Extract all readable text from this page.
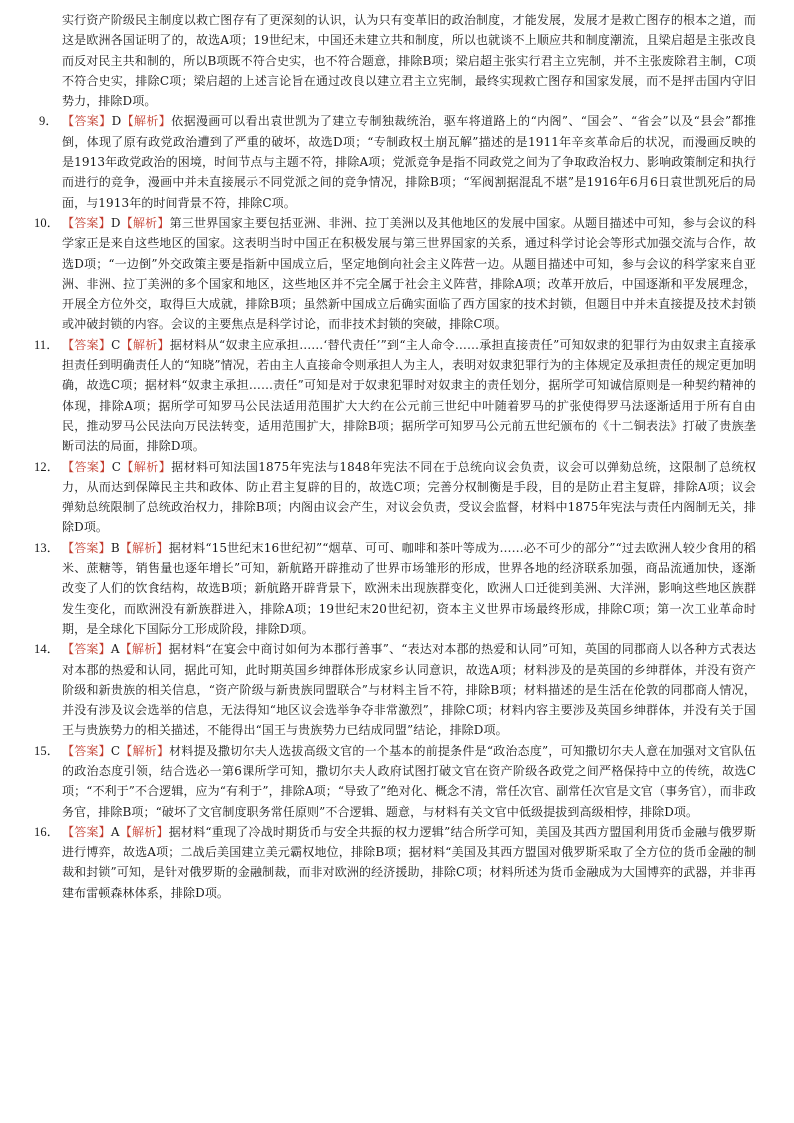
实行资产阶级民主制度以救亡图存有了更深刻的认识，认为只有变革旧的政治制度，才能发展，发展才是救亡图存的根本之道，而这是欧洲各国证明了的，故选A项；19世纪末，中国还未建立共和制度，所以也就谈不上顺应共和制度潮流，且梁启超是主张改良而反对民主共和制的，所以B项既不符合史实，也不符合题意，排除B项；梁启超主张实行君主立宪制，并不主张废除君主制，C项不符合史实，排除C项；梁启超的上述言论旨在通过改良以建立君主立宪制，最终实现救亡图存和国家发展，而不是抨击国内守旧势力，排除D项。

9． 【答案】D【解析】依据漫画可以看出袁世凯为了建立专制独裁统治，驱车将道路上的“内阁”、“国会”、“省会”以及“县会”都推倒，体现了原有政党政治遭到了严重的破坏，故选D项；“专制政权土崩瓦解”描述的是1911年辛亥革命后的状况，而漫画反映的是1913年政党政治的困境，时间节点与主题不符，排除A项；党派竞争是指不同政党之间为了争取政治权力、影响政策制定和执行而进行的竞争，漫画中并未直接展示不同党派之间的竞争情况，排除B项；“军阀割据混乱不堪”是1916年6月6日袁世凯死后的局面，与1913年的时间背景不符，排除C项。

10． 【答案】D【解析】第三世界国家主要包括亚洲、非洲、拉丁美洲以及其他地区的发展中国家。从题目描述中可知，参与会议的科学家正是来自这些地区的国家。这表明当时中国正在积极发展与第三世界国家的关系，通过科学讨论会等形式加强交流与合作，故选D项；“一边倒”外交政策主要是指新中国成立后，坚定地倒向社会主义阵营一边。从题目描述中可知，参与会议的科学家来自亚洲、非洲、拉丁美洲的多个国家和地区，这些地区并不完全属于社会主义阵营，排除A项；改革开放后，中国逐渐和平发展理念，开展全方位外交，取得巨大成就，排除B项；虽然新中国成立后确实面临了西方国家的技术封锁，但题目中并未直接提及技术封锁或冲破封锁的内容。会议的主要焦点是科学讨论，而非技术封锁的突破，排除C项。

11． 【答案】C【解析】据材料从“奴隶主应承担……‘替代责任’”到“主人命令……承担直接责任”可知奴隶的犯罪行为由奴隶主直接承担责任到明确责任人的“知晓”情况，若由主人直接命令则承担人为主人，表明对奴隶犯罪行为的主体规定及承担责任的规定更加明确，故选C项；据材料“奴隶主承担……责任”可知是对于奴隶犯罪时对奴隶主的责任划分，据所学可知诚信原则是一种契约精神的体现，排除A项；据所学可知罗马公民法适用范围扩大大约在公元前三世纪中叶随着罗马的扩张使得罗马法逐渐适用于所有自由民，推动罗马公民法向万民法转变，适用范围扩大，排除B项；据所学可知罗马公元前五世纪颁布的《十二铜表法》打破了贵族垄断司法的局面，排除D项。

12． 【答案】C【解析】据材料可知法国1875年宪法与1848年宪法不同在于总统向议会负责，议会可以弹劾总统，这限制了总统权力，从而达到保障民主共和政体、防止君主复辟的目的，故选C项；完善分权制衡是手段，目的是防止君主复辟，排除A项；议会弹劾总统限制了总统政治权力，排除B项；内阁由议会产生，对议会负责，受议会监督，材料中1875年宪法与责任内阁制无关，排除D项。

13． 【答案】B【解析】据材料“15世纪末16世纪初”“烟草、可可、咖啡和茶叶等成为……必不可少的部分”“过去欧洲人较少食用的稻米、蔗糖等，销售量也逐年增长”可知，新航路开辟推动了世界市场雏形的形成，世界各地的经济联系加强，商品流通加快，逐渐改变了人们的饮食结构，故选B项；新航路开辟背景下，欧洲未出现族群变化，欧洲人口迁徙到美洲、大洋洲，影响这些地区族群发生变化，而欧洲没有新族群进入，排除A项；19世纪末20世纪初，资本主义世界市场最终形成，排除C项；第一次工业革命时期，是全球化下国际分工形成阶段，排除D项。

14． 【答案】A【解析】据材料“在宴会中商讨如何为本郡行善事”、“表达对本郡的热爱和认同”可知，英国的同郡商人以各种方式表达对本郡的热爱和认同，据此可知，此时期英国乡绅群体形成家乡认同意识，故选A项；材料涉及的是英国的乡绅群体，并没有资产阶级和新贵族的相关信息，“资产阶级与新贵族同盟联合”与材料主旨不符，排除B项；材料描述的是生活在伦敦的同郡商人情况，并没有涉及议会选举的信息，无法得知“地区议会选举争夺非常激烈”，排除C项；材料内容主要涉及英国乡绅群体，并没有关于国王与贵族势力的相关描述，不能得出“国王与贵族势力已结成同盟”结论，排除D项。

15． 【答案】C【解析】材料提及撒切尔夫人选拔高级文官的一个基本的前提条件是“政治态度”，可知撒切尔夫人意在加强对文官队伍的政治态度引领，结合选必一第6课所学可知，撒切尔夫人政府试图打破文官在资产阶级各政党之间严格保持中立的传统，故选C项；“不利于”不合逻辑，应为“有利于”，排除A项；“导致了”绝对化、概念不清，常任次官、副常任次官是文官（事务官），而非政务官，排除B项；“破坏了文官制度职务常任原则”不合逻辑、题意，与材料有关文官中低级提拔到高级相悖，排除D项。

16． 【答案】A【解析】据材料“重现了冷战时期货币与安全共振的权力逻辑”结合所学可知，美国及其西方盟国利用货币金融与俄罗斯进行博弈，故选A项；二战后美国建立美元霸权地位，排除B项；据材料“美国及其西方盟国对俄罗斯采取了全方位的货币金融的制裁和封锁”可知，是针对俄罗斯的金融制裁，而非对欧洲的经济援助，排除C项；材料所述为货币金融成为大国博弈的武器，并非再建布雷顿森林体系，排除D项。
